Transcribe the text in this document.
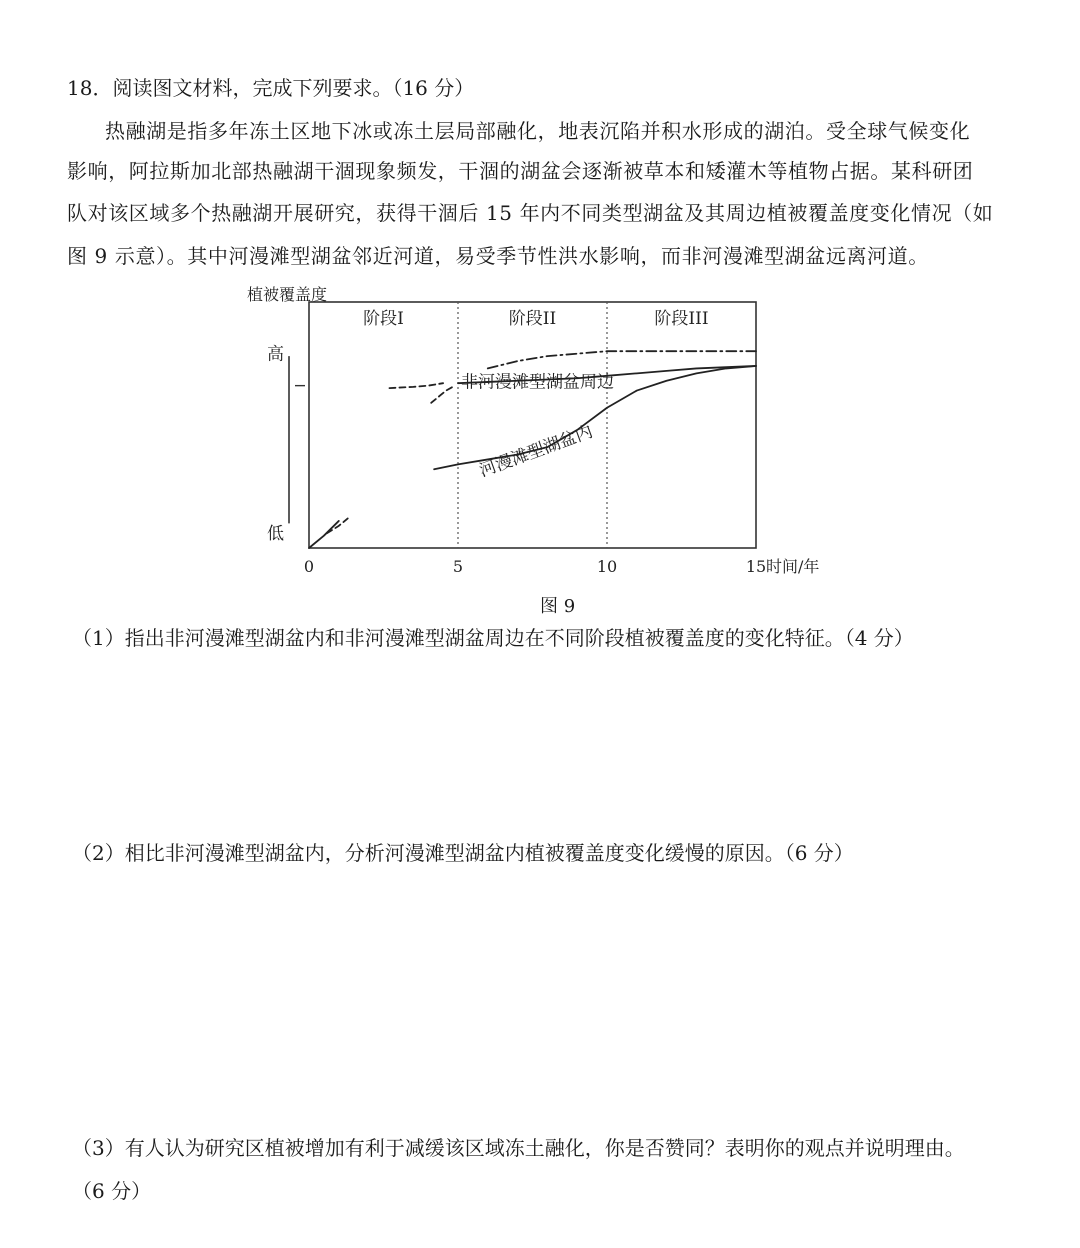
18．阅读图文材料，完成下列要求。（16 分）
热融湖是指多年冻土区地下冰或冻土层局部融化，地表沉陷并积水形成的湖泊。受全球气候变化
影响，阿拉斯加北部热融湖干涸现象频发，干涸的湖盆会逐渐被草本和矮灌木等植物占据。某科研团
队对该区域多个热融湖开展研究，获得干涸后 15 年内不同类型湖盆及其周边植被覆盖度变化情况（如
图 9 示意）。其中河漫滩型湖盆邻近河道，易受季节性洪水影响，而非河漫滩型湖盆远离河道。
阶段I	阶段II	阶段III
植被覆盖度
高
低
0	5	10	15 时间/年
非河漫滩型湖盆周边
河漫滩型湖盆内
图 9
（1）指出非河漫滩型湖盆内和非河漫滩型湖盆周边在不同阶段植被覆盖度的变化特征。（4 分）
（2）相比非河漫滩型湖盆内，分析河漫滩型湖盆内植被覆盖度变化缓慢的原因。（6 分）
（3）有人认为研究区植被增加有利于减缓该区域冻土融化，你是否赞同？表明你的观点并说明理由。
（6 分）
